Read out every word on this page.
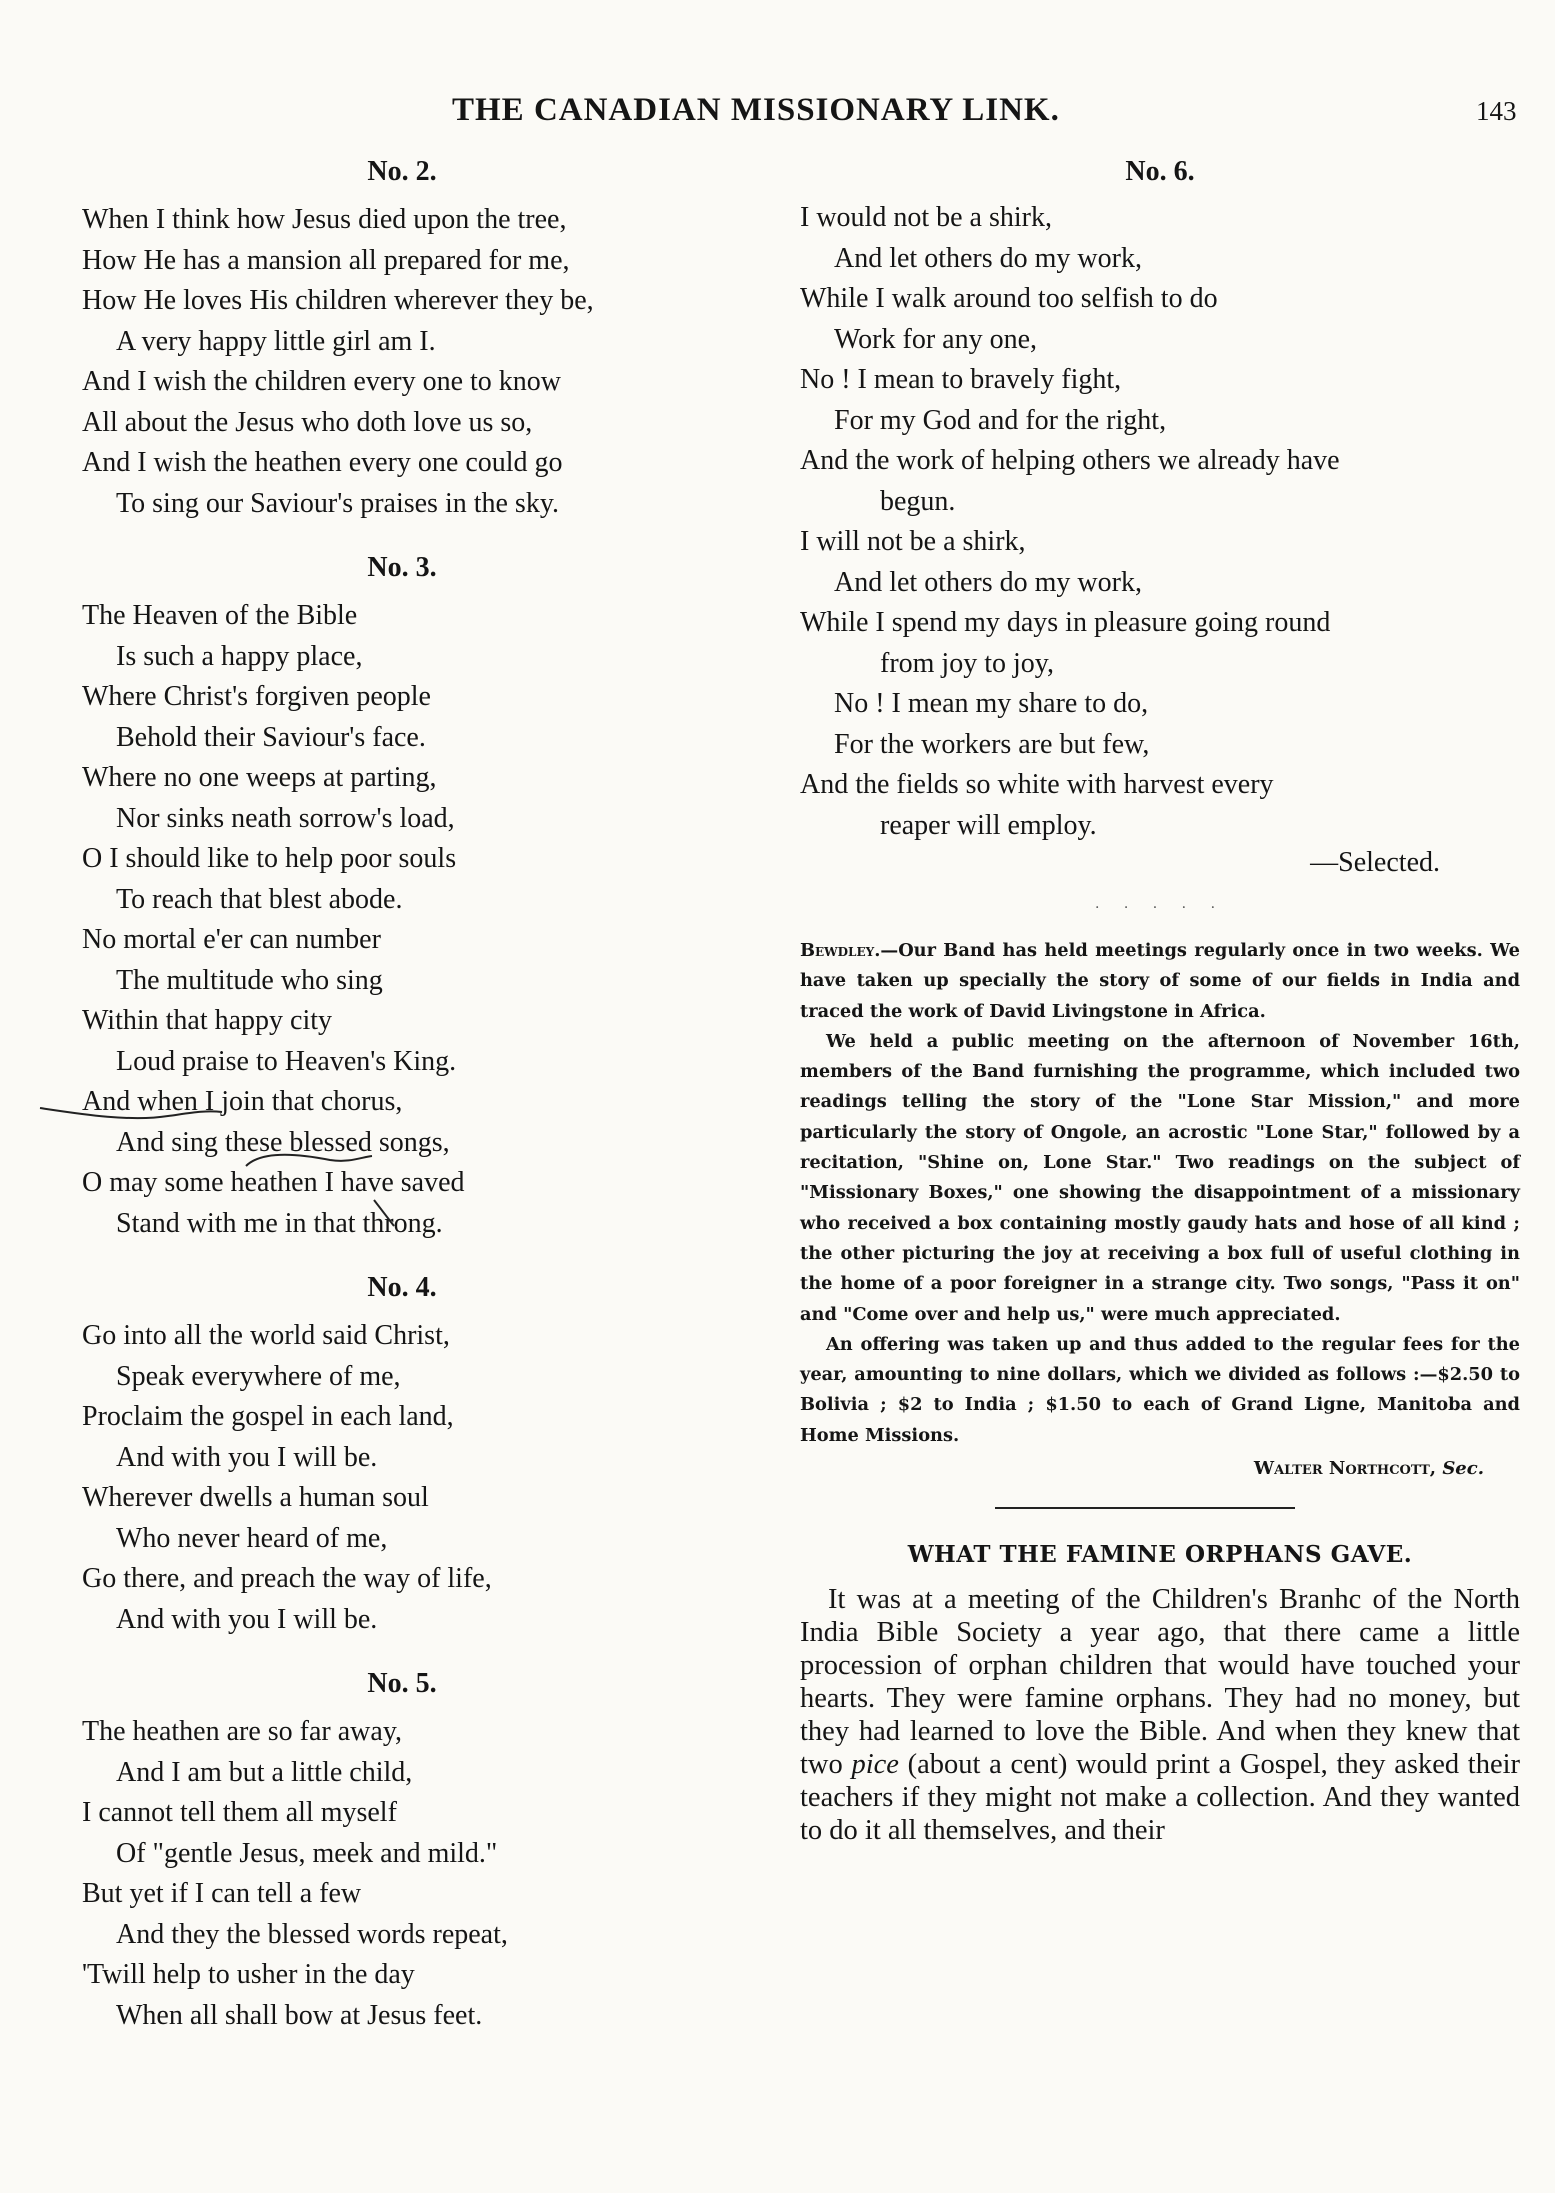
THE CANADIAN MISSIONARY LINK.	143
No. 2.
When I think how Jesus died upon the tree,
How He has a mansion all prepared for me,
How He loves His children wherever they be,
A very happy little girl am I.
And I wish the children every one to know
All about the Jesus who doth love us so,
And I wish the heathen every one could go
To sing our Saviour's praises in the sky.
No. 3.
The Heaven of the Bible
Is such a happy place,
Where Christ's forgiven people
Behold their Saviour's face.
Where no one weeps at parting,
Nor sinks neath sorrow's load,
O I should like to help poor souls
To reach that blest abode.
No mortal e'er can number
The multitude who sing
Within that happy city
Loud praise to Heaven's King.
And when I join that chorus,
And sing these blessed songs,
O may some heathen I have saved
Stand with me in that throng.
No. 4.
Go into all the world said Christ,
Speak everywhere of me,
Proclaim the gospel in each land,
And with you I will be.
Wherever dwells a human soul
Who never heard of me,
Go there, and preach the way of life,
And with you I will be.
No. 5.
The heathen are so far away,
And I am but a little child,
I cannot tell them all myself
Of "gentle Jesus, meek and mild."
But yet if I can tell a few
And they the blessed words repeat,
'Twill help to usher in the day
When all shall bow at Jesus feet.
No. 6.
I would not be a shirk,
And let others do my work,
While I walk around too selfish to do
Work for any one,
No ! I mean to bravely fight,
For my God and for the right,
And the work of helping others we already have
begun.
I will not be a shirk,
And let others do my work,
While I spend my days in pleasure going round
from joy to joy,
No ! I mean my share to do,
For the workers are but few,
And the fields so white with harvest every
reaper will employ.
—Selected.
· · · · ·

Bewdley.—Our Band has held meetings regularly once in two weeks. We have taken up specially the story of some of our fields in India and traced the work of David Livingstone in Africa.

We held a public meeting on the afternoon of November 16th, members of the Band furnishing the programme, which included two readings telling the story of the "Lone Star Mission," and more particularly the story of Ongole, an acrostic "Lone Star," followed by a recitation, "Shine on, Lone Star." Two readings on the subject of "Missionary Boxes," one showing the disappointment of a missionary who received a box containing mostly gaudy hats and hose of all kind ; the other picturing the joy at receiving a box full of useful clothing in the home of a poor foreigner in a strange city. Two songs, "Pass it on" and "Come over and help us," were much appreciated.

An offering was taken up and thus added to the regular fees for the year, amounting to nine dollars, which we divided as follows :—$2.50 to Bolivia ; $2 to India ; $1.50 to each of Grand Ligne, Manitoba and Home Missions.

Walter Northcott, Sec.
WHAT THE FAMINE ORPHANS GAVE.

It was at a meeting of the Children's Branhc of the North India Bible Society a year ago, that there came a little procession of orphan children that would have touched your hearts. They were famine orphans. They had no money, but they had learned to love the Bible. And when they knew that two pice (about a cent) would print a Gospel, they asked their teachers if they might not make a collection. And they wanted to do it all themselves, and their
